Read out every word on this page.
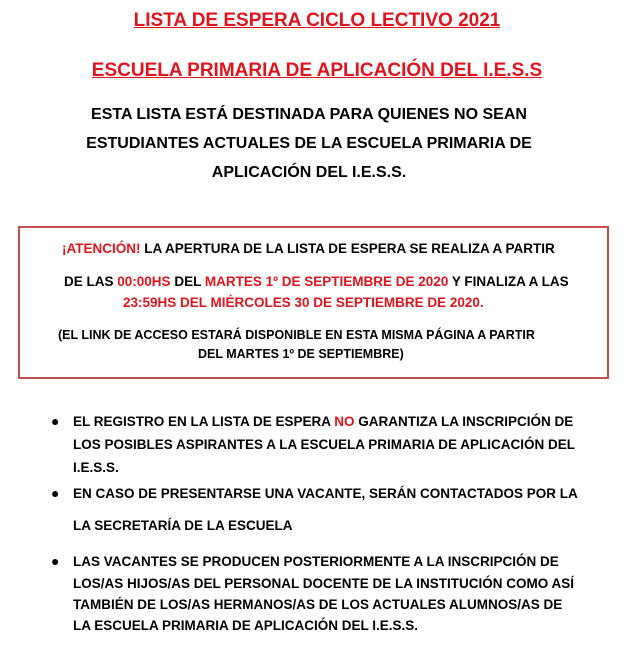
LISTA DE ESPERA CICLO LECTIVO 2021
ESCUELA PRIMARIA DE APLICACIÓN DEL I.E.S.S
ESTA LISTA ESTÁ DESTINADA PARA QUIENES NO SEAN
ESTUDIANTES ACTUALES DE LA ESCUELA PRIMARIA DE
APLICACIÓN DEL I.E.S.S.
¡ATENCIÓN! LA APERTURA DE LA LISTA DE ESPERA SE REALIZA A PARTIR
DE LAS 00:00HS DEL MARTES 1º DE SEPTIEMBRE DE 2020 Y FINALIZA A LAS
23:59HS DEL MIÉRCOLES 30 DE SEPTIEMBRE DE 2020.
(EL LINK DE ACCESO ESTARÁ DISPONIBLE EN ESTA MISMA PÁGINA A PARTIR
DEL MARTES 1º DE SEPTIEMBRE)
● EL REGISTRO EN LA LISTA DE ESPERA NO GARANTIZA LA INSCRIPCIÓN DE
LOS POSIBLES ASPIRANTES A LA ESCUELA PRIMARIA DE APLICACIÓN DEL
I.E.S.S.
● EN CASO DE PRESENTARSE UNA VACANTE, SERÁN CONTACTADOS POR LA
LA SECRETARÍA DE LA ESCUELA
● LAS VACANTES SE PRODUCEN POSTERIORMENTE A LA INSCRIPCIÓN DE
LOS/AS HIJOS/AS DEL PERSONAL DOCENTE DE LA INSTITUCIÓN COMO ASÍ
TAMBIÉN DE LOS/AS HERMANOS/AS DE LOS ACTUALES ALUMNOS/AS DE
LA ESCUELA PRIMARIA DE APLICACIÓN DEL I.E.S.S.
